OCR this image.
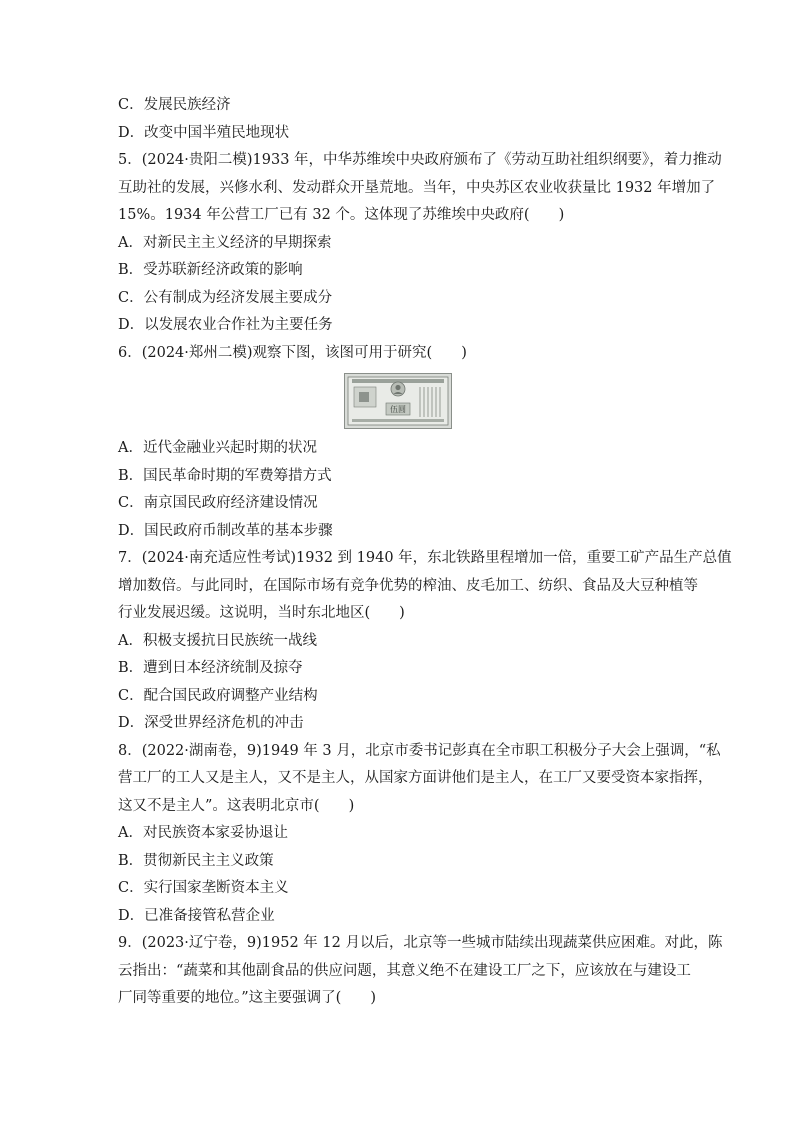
C．发展民族经济
D．改变中国半殖民地现状
5．(2024·贵阳二模)1933 年，中华苏维埃中央政府颁布了《劳动互助社组织纲要》，着力推动
互助社的发展，兴修水利、发动群众开垦荒地。当年，中央苏区农业收获量比 1932 年增加了
15%。1934 年公营工厂已有 32 个。这体现了苏维埃中央政府(　　)
A．对新民主主义经济的早期探索
B．受苏联新经济政策的影响
C．公有制成为经济发展主要成分
D．以发展农业合作社为主要任务
6．(2024·郑州二模)观察下图，该图可用于研究(　　)
伍圆
A．近代金融业兴起时期的状况
B．国民革命时期的军费筹措方式
C．南京国民政府经济建设情况
D．国民政府币制改革的基本步骤
7．(2024·南充适应性考试)1932 到 1940 年，东北铁路里程增加一倍，重要工矿产品生产总值
增加数倍。与此同时，在国际市场有竞争优势的榨油、皮毛加工、纺织、食品及大豆种植等
行业发展迟缓。这说明，当时东北地区(　　)
A．积极支援抗日民族统一战线
B．遭到日本经济统制及掠夺
C．配合国民政府调整产业结构
D．深受世界经济危机的冲击
8．(2022·湖南卷，9)1949 年 3 月，北京市委书记彭真在全市职工积极分子大会上强调，“私
营工厂的工人又是主人，又不是主人，从国家方面讲他们是主人，在工厂又要受资本家指挥，
这又不是主人”。这表明北京市(　　)
A．对民族资本家妥协退让
B．贯彻新民主主义政策
C．实行国家垄断资本主义
D．已准备接管私营企业
9．(2023·辽宁卷，9)1952 年 12 月以后，北京等一些城市陆续出现蔬菜供应困难。对此，陈
云指出：“蔬菜和其他副食品的供应问题，其意义绝不在建设工厂之下，应该放在与建设工
厂同等重要的地位。”这主要强调了(　　)
